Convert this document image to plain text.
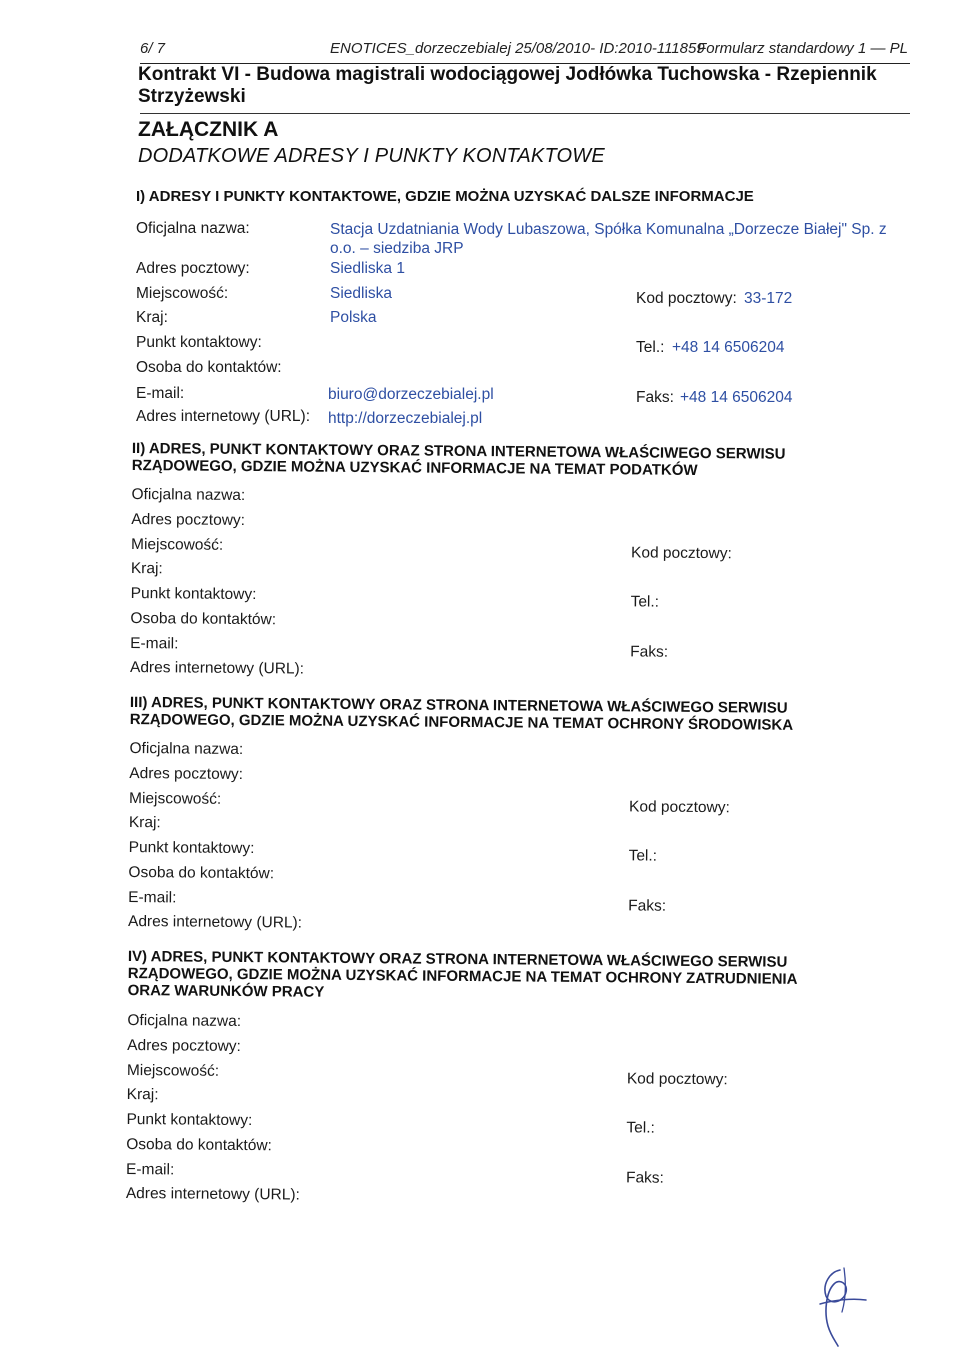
6/ 7	ENOTICES_dorzeczebialej 25/08/2010- ID:2010-111859
Formularz standardowy 1 — PL
Kontrakt VI - Budowa magistrali wodociągowej Jodłówka Tuchowska - Rzepiennik Strzyżewski
ZAŁĄCZNIK A
DODATKOWE ADRESY I PUNKTY KONTAKTOWE
I) ADRESY I PUNKTY KONTAKTOWE, GDZIE MOŻNA UZYSKAĆ DALSZE INFORMACJE
Oficjalna nazwa:	Stacja Uzdatniania Wody Lubaszowa, Spółka Komunalna „Dorzecze Białej" Sp. z o.o. – siedziba JRP
Adres pocztowy:	Siedliska 1
Miejscowość:	Siedliska	Kod pocztowy: 33-172
Kraj:	Polska
Punkt kontaktowy:	Tel.: +48 14 6506204
Osoba do kontaktów:
E-mail:	biuro@dorzeczebialej.pl	Faks: +48 14 6506204
Adres internetowy (URL): http://dorzeczebialej.pl
II) ADRES, PUNKT KONTAKTOWY ORAZ STRONA INTERNETOWA WŁAŚCIWEGO SERWISU RZĄDOWEGO, GDZIE MOŻNA UZYSKAĆ INFORMACJE NA TEMAT PODATKÓW
Oficjalna nazwa:
Adres pocztowy:
Miejscowość:	Kod pocztowy:
Kraj:
Punkt kontaktowy:	Tel.:
Osoba do kontaktów:
E-mail:	Faks:
Adres internetowy (URL):
III) ADRES, PUNKT KONTAKTOWY ORAZ STRONA INTERNETOWA WŁAŚCIWEGO SERWISU RZĄDOWEGO, GDZIE MOŻNA UZYSKAĆ INFORMACJE NA TEMAT OCHRONY ŚRODOWISKA
Oficjalna nazwa:
Adres pocztowy:
Miejscowość:	Kod pocztowy:
Kraj:
Punkt kontaktowy:	Tel.:
Osoba do kontaktów:
E-mail:	Faks:
Adres internetowy (URL):
IV) ADRES, PUNKT KONTAKTOWY ORAZ STRONA INTERNETOWA WŁAŚCIWEGO SERWISU RZĄDOWEGO, GDZIE MOŻNA UZYSKAĆ INFORMACJE NA TEMAT OCHRONY ZATRUDNIENIA ORAZ WARUNKÓW PRACY
Oficjalna nazwa:
Adres pocztowy:
Miejscowość:	Kod pocztowy:
Kraj:
Punkt kontaktowy:	Tel.:
Osoba do kontaktów:
E-mail:	Faks:
Adres internetowy (URL):
